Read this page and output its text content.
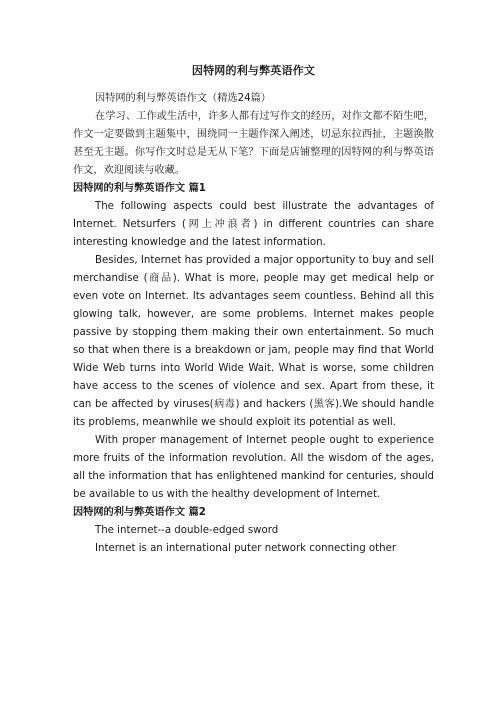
因特网的利与弊英语作文

因特网的利与弊英语作文（精选24篇）

在学习、工作或生活中，许多人都有过写作文的经历，对作文都不陌生吧，作文一定要做到主题集中，围绕同一主题作深入阐述，切忌东拉西扯，主题涣散甚至无主题。你写作文时总是无从下笔？下面是店铺整理的因特网的利与弊英语作文，欢迎阅读与收藏。

因特网的利与弊英语作文 篇1

The following aspects could best illustrate the advantages of Internet. Netsurfers (网上冲浪者) in different countries can share interesting knowledge and the latest information.

Besides, Internet has provided a major opportunity to buy and sell merchandise (商品). What is more, people may get medical help or even vote on Internet. Its advantages seem countless. Behind all this glowing talk, however, are some problems. Internet makes people passive by stopping them making their own entertainment. So much so that when there is a breakdown or jam, people may find that World Wide Web turns into World Wide Wait. What is worse, some children have access to the scenes of violence and sex. Apart from these, it can be affected by viruses(病毒) and hackers (黑客).We should handle its problems, meanwhile we should exploit its potential as well.

With proper management of Internet people ought to experience more fruits of the information revolution. All the wisdom of the ages, all the information that has enlightened mankind for centuries, should be available to us with the healthy development of Internet.

因特网的利与弊英语作文 篇2

The internet--a double-edged sword

Internet is an international puter network connecting other
